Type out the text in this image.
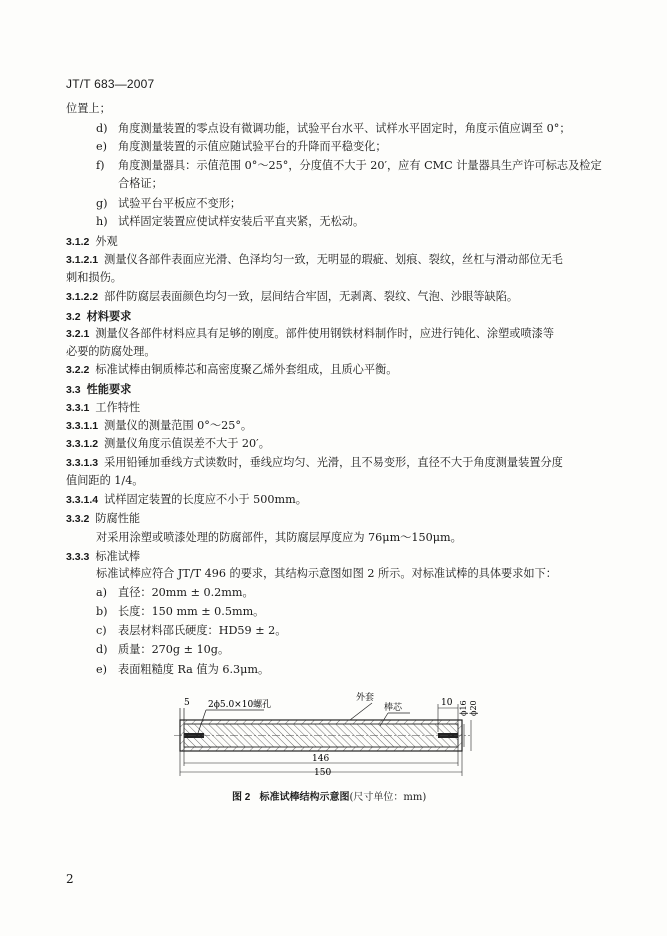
JT/T 683—2007
位置上；
d) 角度测量装置的零点设有微调功能，试验平台水平、试样水平固定时，角度示值应调至 0°；
e) 角度测量装置的示值应随试验平台的升降而平稳变化；
f) 角度测量器具：示值范围 0°～25°，分度值不大于 20′，应有 CMC 计量器具生产许可标志及检定
合格证；
g) 试验平台平板应不变形；
h) 试样固定装置应使试样安装后平直夹紧，无松动。
3.1.2 外观
3.1.2.1 测量仪各部件表面应光滑、色泽均匀一致，无明显的瑕疵、划痕、裂纹，丝杠与滑动部位无毛
刺和损伤。
3.1.2.2 部件防腐层表面颜色均匀一致，层间结合牢固，无剥离、裂纹、气泡、沙眼等缺陷。
3.2 材料要求
3.2.1 测量仪各部件材料应具有足够的刚度。部件使用钢铁材料制作时，应进行钝化、涂塑或喷漆等
必要的防腐处理。
3.2.2 标准试棒由铜质棒芯和高密度聚乙烯外套组成，且质心平衡。
3.3 性能要求
3.3.1 工作特性
3.3.1.1 测量仪的测量范围 0°～25°。
3.3.1.2 测量仪角度示值误差不大于 20′。
3.3.1.3 采用铅锤加垂线方式读数时，垂线应均匀、光滑，且不易变形，直径不大于角度测量装置分度
值间距的 1/4。
3.3.1.4 试样固定装置的长度应不小于 500mm。
3.3.2 防腐性能
对采用涂塑或喷漆处理的防腐部件，其防腐层厚度应为 76μm～150μm。
3.3.3 标准试棒
标准试棒应符合 JT/T 496 的要求，其结构示意图如图 2 所示。对标准试棒的具体要求如下：
a) 直径：20mm ± 0.2mm。
b) 长度：150 mm ± 0.5mm。
c) 表层材料邵氏硬度：HD59 ± 2。
d) 质量：270g ± 10g。
e) 表面粗糙度 Ra 值为 6.3μm。
5 2ϕ5.0×10螺孔
外套
棒芯	10 ϕ16 ϕ20
146
150
图 2 标准试棒结构示意图(尺寸单位：mm)
2
